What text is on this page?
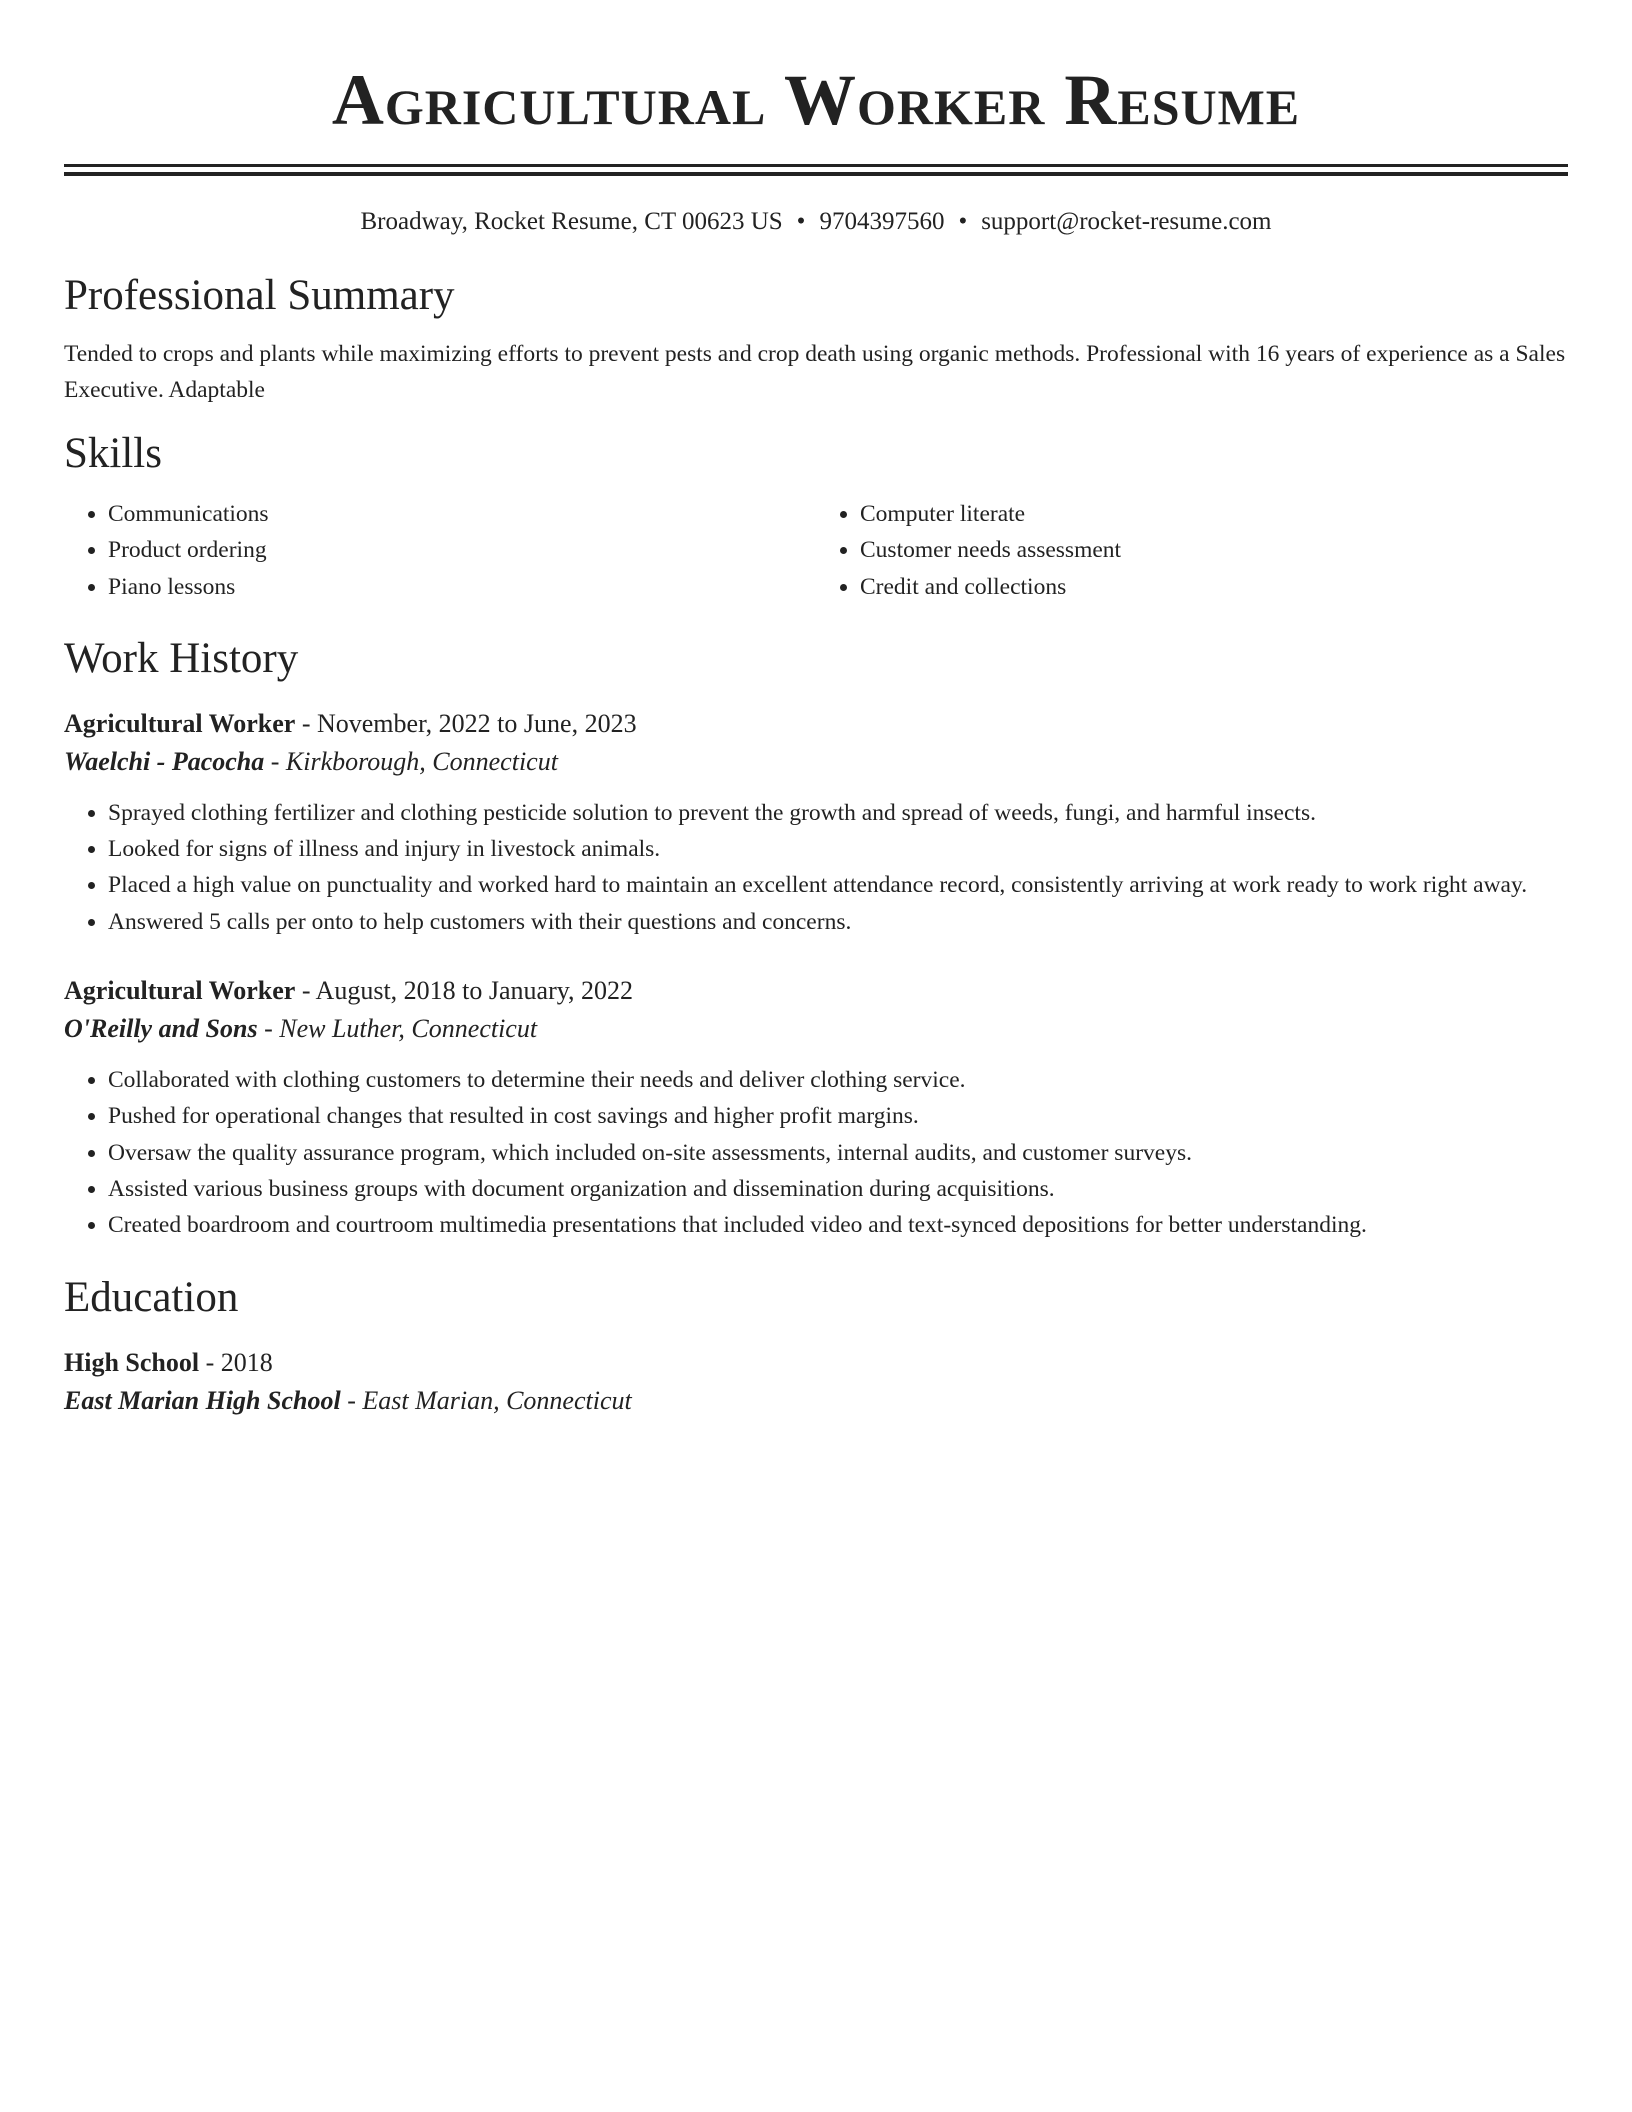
Agricultural Worker Resume
Broadway, Rocket Resume, CT 00623 US • 9704397560 • support@rocket-resume.com
Professional Summary
Tended to crops and plants while maximizing efforts to prevent pests and crop death using organic methods. Professional with 16 years of experience as a Sales Executive. Adaptable
Skills
• Communications
• Product ordering
• Piano lessons
• Computer literate
• Customer needs assessment
• Credit and collections
Work History
Agricultural Worker - November, 2022 to June, 2023
Waelchi - Pacocha - Kirkborough, Connecticut
• Sprayed clothing fertilizer and clothing pesticide solution to prevent the growth and spread of weeds, fungi, and harmful insects.
• Looked for signs of illness and injury in livestock animals.
• Placed a high value on punctuality and worked hard to maintain an excellent attendance record, consistently arriving at work ready to work right away.
• Answered 5 calls per onto to help customers with their questions and concerns.
Agricultural Worker - August, 2018 to January, 2022
O'Reilly and Sons - New Luther, Connecticut
• Collaborated with clothing customers to determine their needs and deliver clothing service.
• Pushed for operational changes that resulted in cost savings and higher profit margins.
• Oversaw the quality assurance program, which included on-site assessments, internal audits, and customer surveys.
• Assisted various business groups with document organization and dissemination during acquisitions.
• Created boardroom and courtroom multimedia presentations that included video and text-synced depositions for better understanding.
Education
High School - 2018
East Marian High School - East Marian, Connecticut
